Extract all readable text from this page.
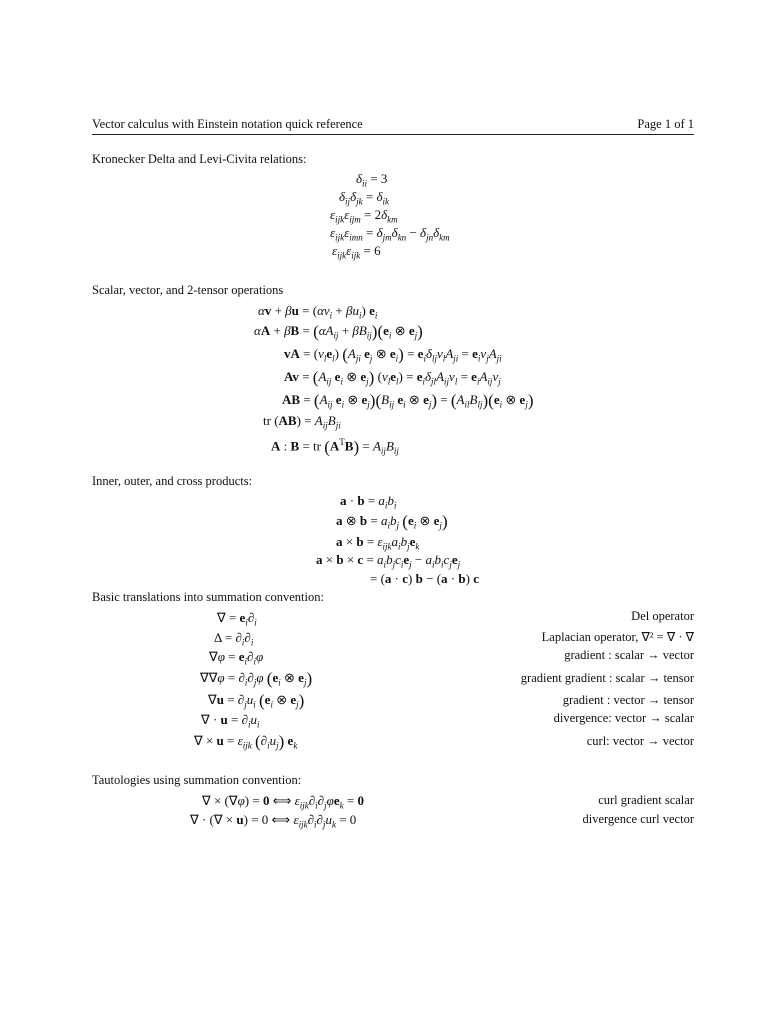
Vector calculus with Einstein notation quick reference	Page 1 of 1
Kronecker Delta and Levi-Civita relations:
$\delta_{ii} = 3$
$\delta_{ij}\delta_{jk} = \delta_{ik}$
$\varepsilon_{ijk}\varepsilon_{ijm} = 2\delta_{km}$
$\varepsilon_{ijk}\varepsilon_{imn} = \delta_{jm}\delta_{kn} - \delta_{jn}\delta_{km}$
$\varepsilon_{ijk}\varepsilon_{ijk} = 6$
Scalar, vector, and 2-tensor operations
$\alpha v + \beta u = (\alpha v_i + \beta u_i)$ $e_i$
$\alpha A + \beta B = (\alpha A_{ij} + \beta B_{ij})(e_i$ ⊗ $e_j$)
vA = $(v_le_l)$ ($A_{ji}$ $e_j$ ⊗ $e_i) = e_i\delta_{lj}v_lA_{ji} = e_iv_jA_{ji}$
$Av = (A_{ij}$ $e_i$ ⊗ $e_j$) $(v_le_l) = e_i\delta_{jl}A_{ij}v_l = e_iA_{ij}v_j$
AB = ($A_{ij}$ $e_i$ ⊗ $e_j)(B_{ij}$ $e_i$ ⊗ $e_j) = (A_{il}B_{lj})(e_i$ ⊗ $e_j$)
tr $(AB) = A_{ij}B_{ji}$
A : B = tr $(A^TB) = A_{ij}B_{ij}$
Inner, outer, and cross products:
$a \cdot b = a_ib_i$
a ⊗ $b = a_ib_j$ ($e_i$ ⊗ $e_j$)
$a \times b = \varepsilon_{ijk}a_ib_je_k$
$a \times b \times c = a_ib_jc_ie_j - a_ib_ic_je_j$
= (a · c) b − (a · b) c
Basic translations into summation convention:
∇ = $e_i\partial_i$	Del operator
$\Delta = \partial_i\partial_i$	Laplacian operator, ∇² = ∇ · ∇
$\nabla\varphi = e_i\partial_i\varphi$	gradient : scalar → vector
$\nabla\nabla\varphi = \partial_i\partial_j\varphi$ ($e_i$ ⊗ $e_j$)	gradient gradient : scalar → tensor
$\nabla u = \partial_ju_i$ ($e_i$ ⊗ $e_j$)	gradient : vector → tensor
∇ · $u = \partial_iu_i$	divergence: vector → scalar
∇ × $u = \varepsilon_{ijk}$ $(\partial_iu_j)$ $e_k$	curl: vector → vector
Tautologies using summation convention:
∇ × (∇φ) = 0 ⟺ $\varepsilon_{ijk}\partial_i\partial_j\varphi e_k = 0$	curl gradient scalar
∇ · (∇ × u) = 0 ⟺ $\varepsilon_{ijk}\partial_i\partial_ju_k = 0$	divergence curl vector
